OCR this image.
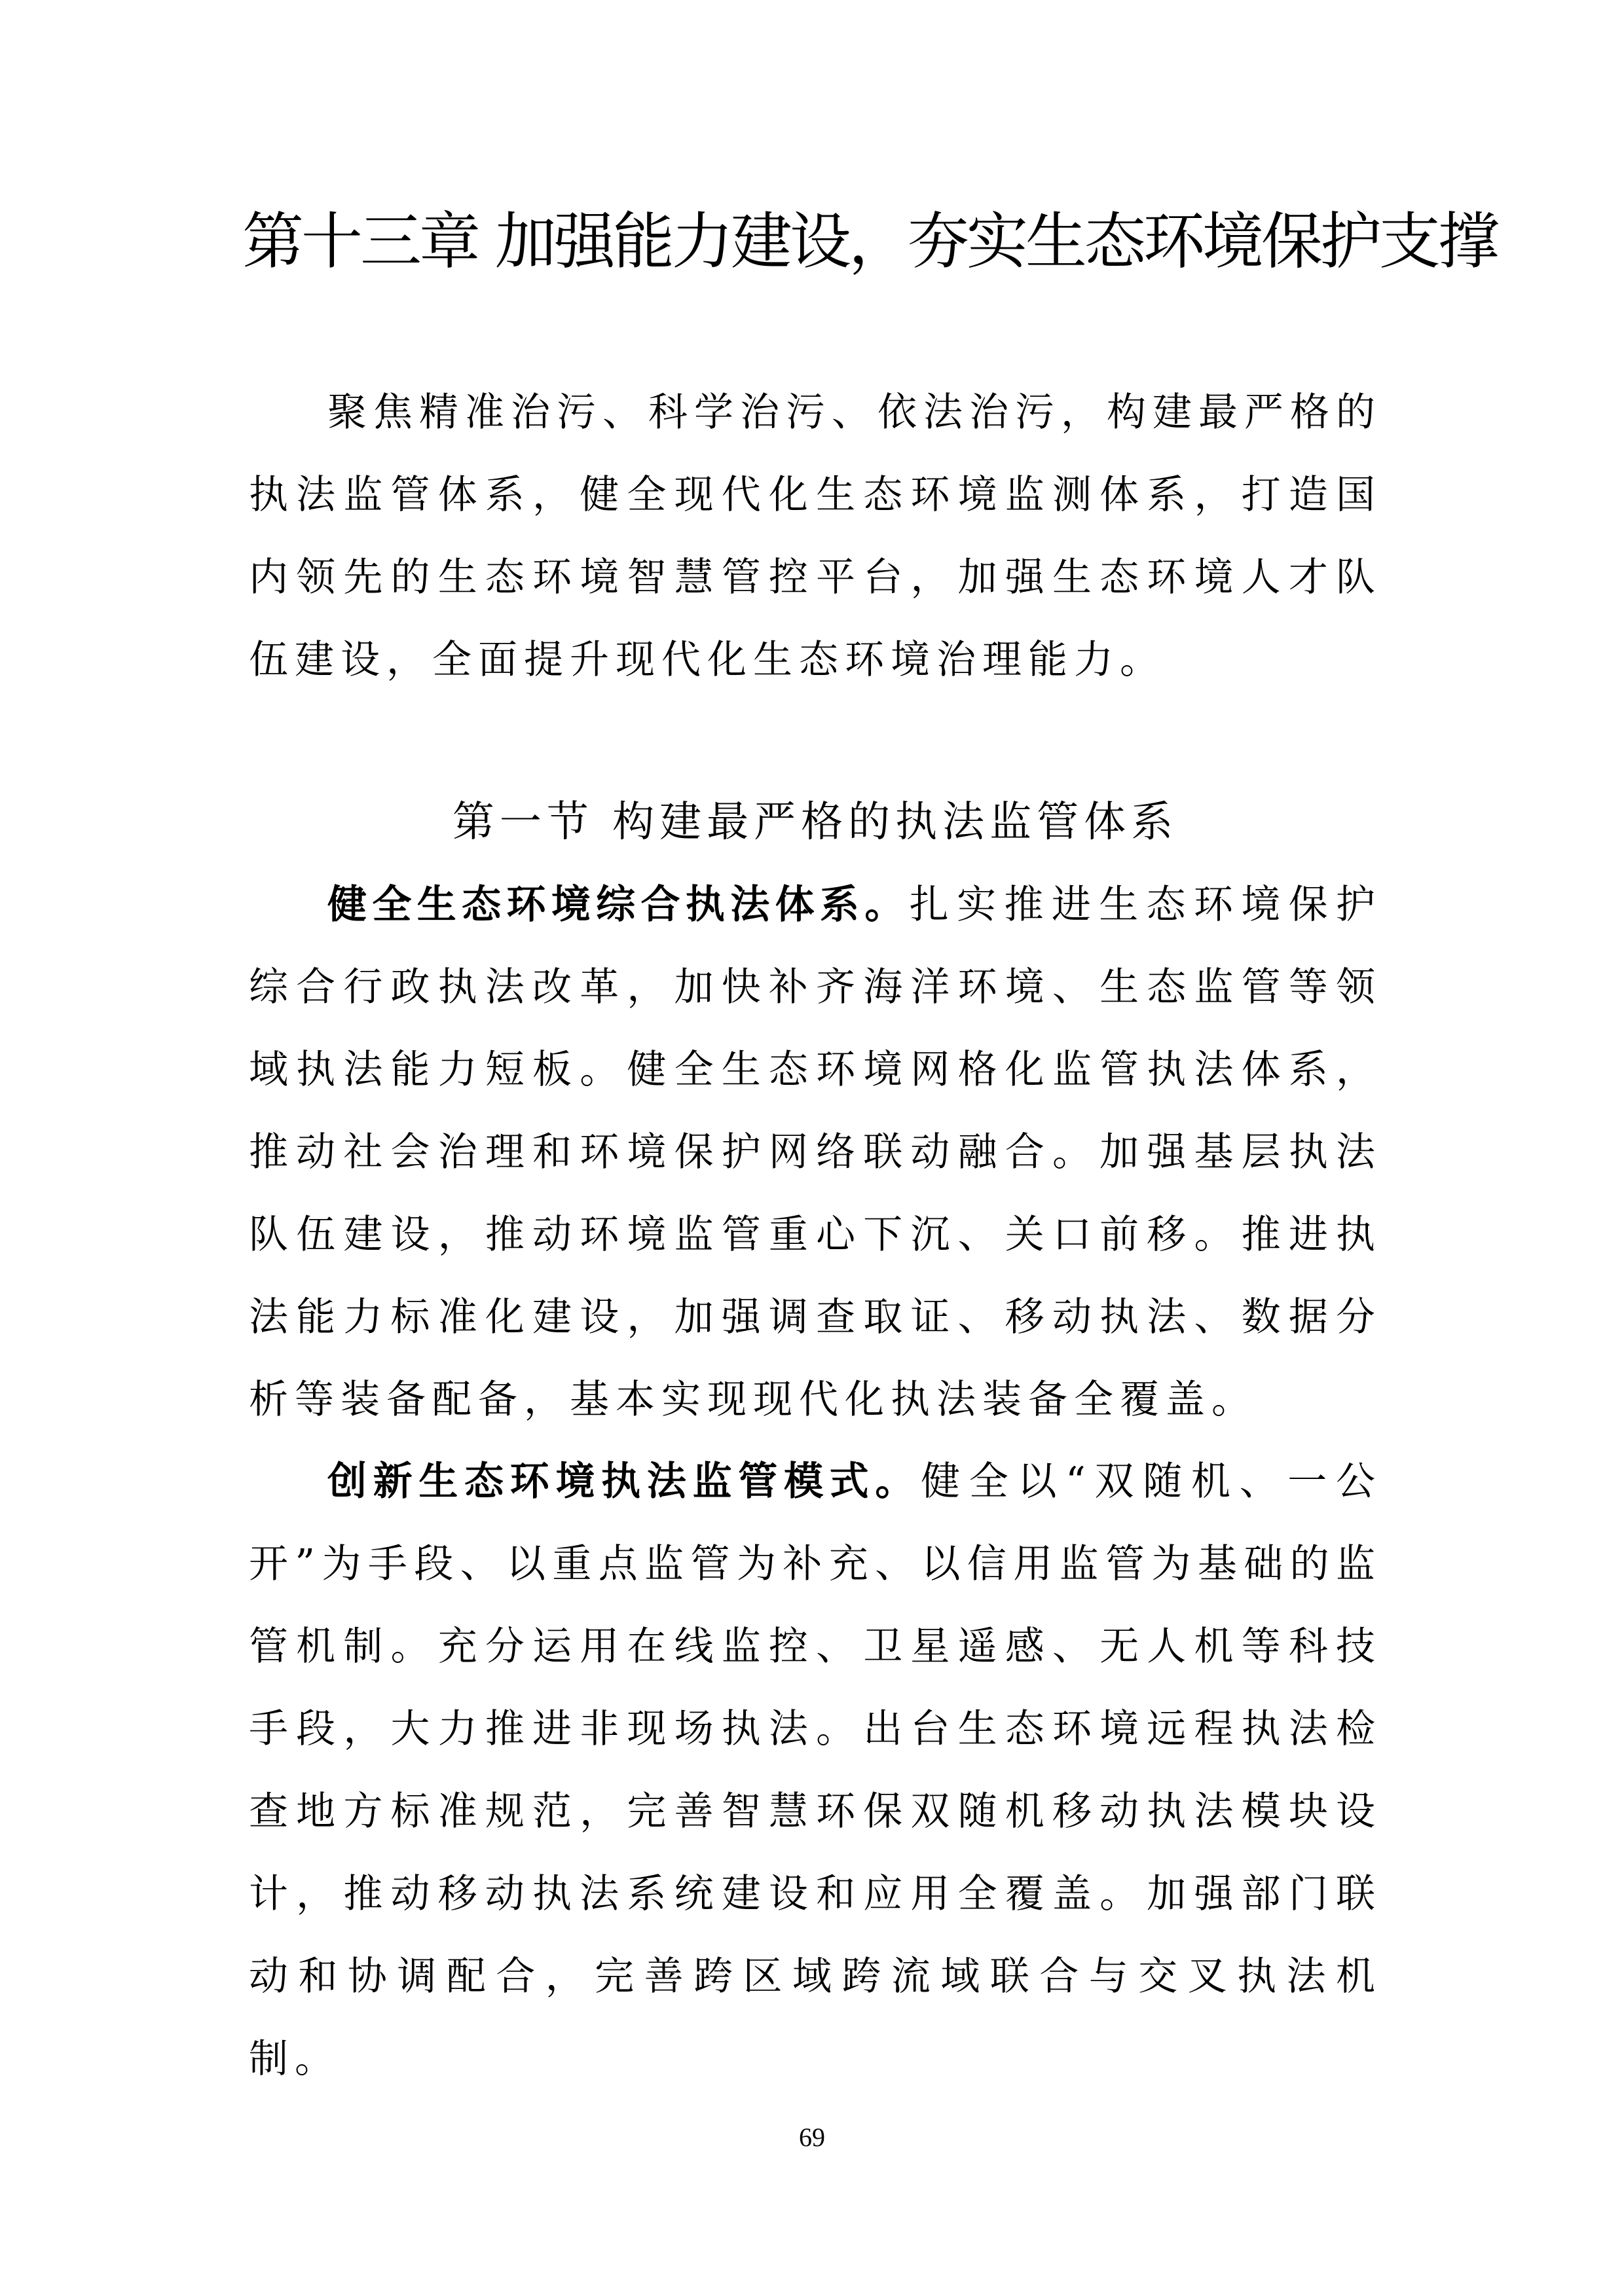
第十三章 加强能力建设，夯实生态环境保护支撑

聚焦精准治污、科学治污、依法治污，构建最严格的执法监管体系，健全现代化生态环境监测体系，打造国内领先的生态环境智慧管控平台，加强生态环境人才队伍建设，全面提升现代化生态环境治理能力。

第一节 构建最严格的执法监管体系

健全生态环境综合执法体系。扎实推进生态环境保护综合行政执法改革，加快补齐海洋环境、生态监管等领域执法能力短板。健全生态环境网格化监管执法体系，推动社会治理和环境保护网络联动融合。加强基层执法队伍建设，推动环境监管重心下沉、关口前移。推进执法能力标准化建设，加强调查取证、移动执法、数据分析等装备配备，基本实现现代化执法装备全覆盖。

创新生态环境执法监管模式。健全以“双随机、一公开”为手段、以重点监管为补充、以信用监管为基础的监管机制。充分运用在线监控、卫星遥感、无人机等科技手段，大力推进非现场执法。出台生态环境远程执法检查地方标准规范，完善智慧环保双随机移动执法模块设计，推动移动执法系统建设和应用全覆盖。加强部门联动和协调配合，完善跨区域跨流域联合与交叉执法机制。

69
